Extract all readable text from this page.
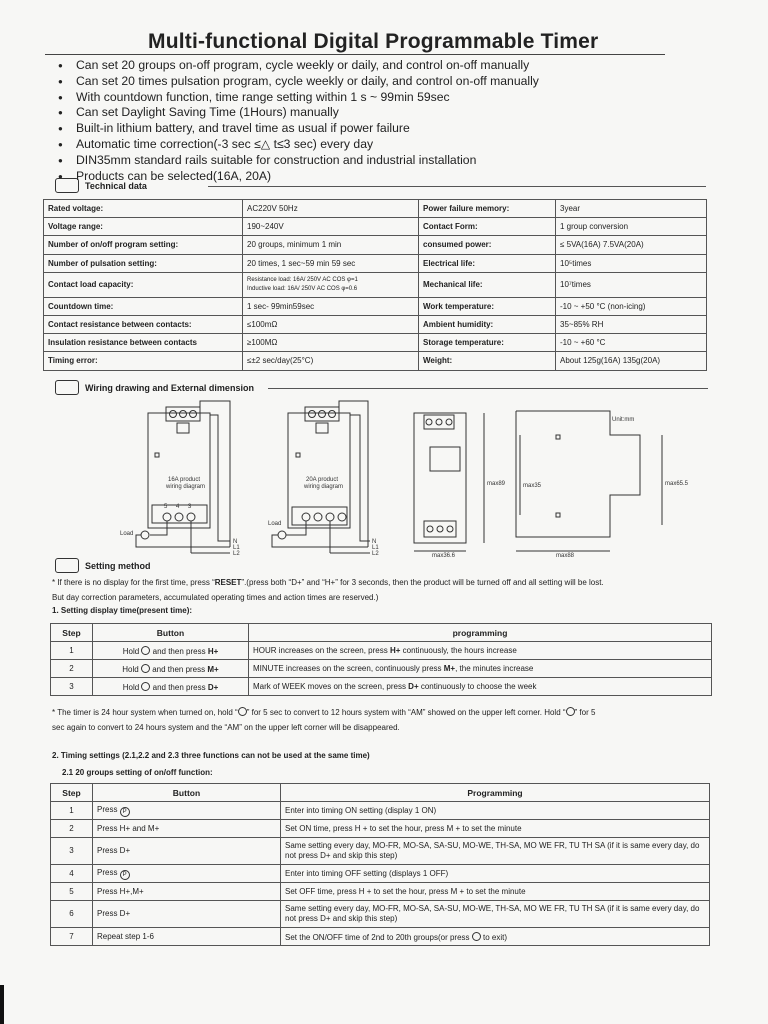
Multi-functional Digital Programmable Timer
● Can set 20 groups on-off program, cycle weekly or daily, and control on-off manually
● Can set 20 times pulsation program, cycle weekly or daily, and control on-off manually
● With countdown function, time range setting within 1 s ~ 99min 59sec
● Can set Daylight Saving Time (1Hours) manually
● Built-in lithium battery, and travel time as usual if power failure
● Automatic time correction(-3 sec ≤△ t≤3 sec) every day
● DIN35mm standard rails suitable for construction and industrial installation
● Products can be selected(16A, 20A)
Technical data
Rated voltage:	AC220V 50Hz	Power failure memory:	3year
Voltage range:	190~240V	Contact Form:	1 group conversion
Number of on/off program setting:	20 groups, minimum 1 min	consumed power:	≤ 5VA(16A) 7.5VA(20A)
Number of pulsation setting:	20 times, 1 sec~59 min 59 sec	Electrical life:	10⁵times
Contact load capacity:	Resistance load: 16A/ 250V AC COS φ=1
Inductive load: 16A/ 250V AC COS φ=0.6	Mechanical life:	10⁷times
Countdown time:	1 sec- 99min59sec	Work temperature:	-10 ~ +50 °C (non-icing)
Contact resistance between contacts:	≤100mΩ	Ambient humidity:	35~85% RH
Insulation resistance between contacts	≥100MΩ	Storage temperature:	-10 ~ +60 °C
Timing error:	≤±2 sec/day(25°C)	Weight:	About 125g(16A) 135g(20A)
Wiring drawing and External dimension
16A product
wiring diagram
20A product
wiring diagram
Load
Load
N
L1
L2
N
L1
L2
5 4 3
Unit:mm
max36.6	max88
max89	max35	max65.5
Setting method
* If there is no display for the first time, press “RESET”.(press both “D+” and “H+” for 3 seconds, then the product will be turned off and all setting will be lost.
But day correction parameters, accumulated operating times and action times are reserved.)
1. Setting display time(present time):
Step	Button	programming
1	Hold and then press H+	HOUR increases on the screen, press H+ continuously, the hours increase
2	Hold and then press M+	MINUTE increases on the screen, continuously press M+, the minutes increase
3	Hold and then press D+	Mark of WEEK moves on the screen, press D+ continuously to choose the week
* The timer is 24 hour system when turned on, hold “ ” for 5 sec to convert to 12 hours system with “AM” showed on the upper left corner. Hold “ ” for 5
sec again to convert to 24 hours system and the “AM” on the upper left corner will be disappeared.
2. Timing settings (2.1,2.2 and 2.3 three functions can not be used at the same time)
2.1 20 groups setting of on/off function:
Step	Button	Programming
1	Press P	Enter into timing ON setting (display 1 ON)
2	Press H+ and M+	Set ON time, press H + to set the hour, press M + to set the minute
3	Press D+	Same setting every day, MO-FR, MO-SA, SA-SU, MO-WE, TH-SA, MO WE FR, TU TH SA (if it is same every day, do not press D+ and skip this step)
4	Press P	Enter into timing OFF setting (displays 1 OFF)
5	Press H+,M+	Set OFF time, press H + to set the hour, press M + to set the minute
6	Press D+	Same setting every day, MO-FR, MO-SA, SA-SU, MO-WE, TH-SA, MO WE FR, TU TH SA (if it is same every day, do not press D+ and skip this step)
7	Repeat step 1-6	Set the ON/OFF time of 2nd to 20th groups(or press to exit)
